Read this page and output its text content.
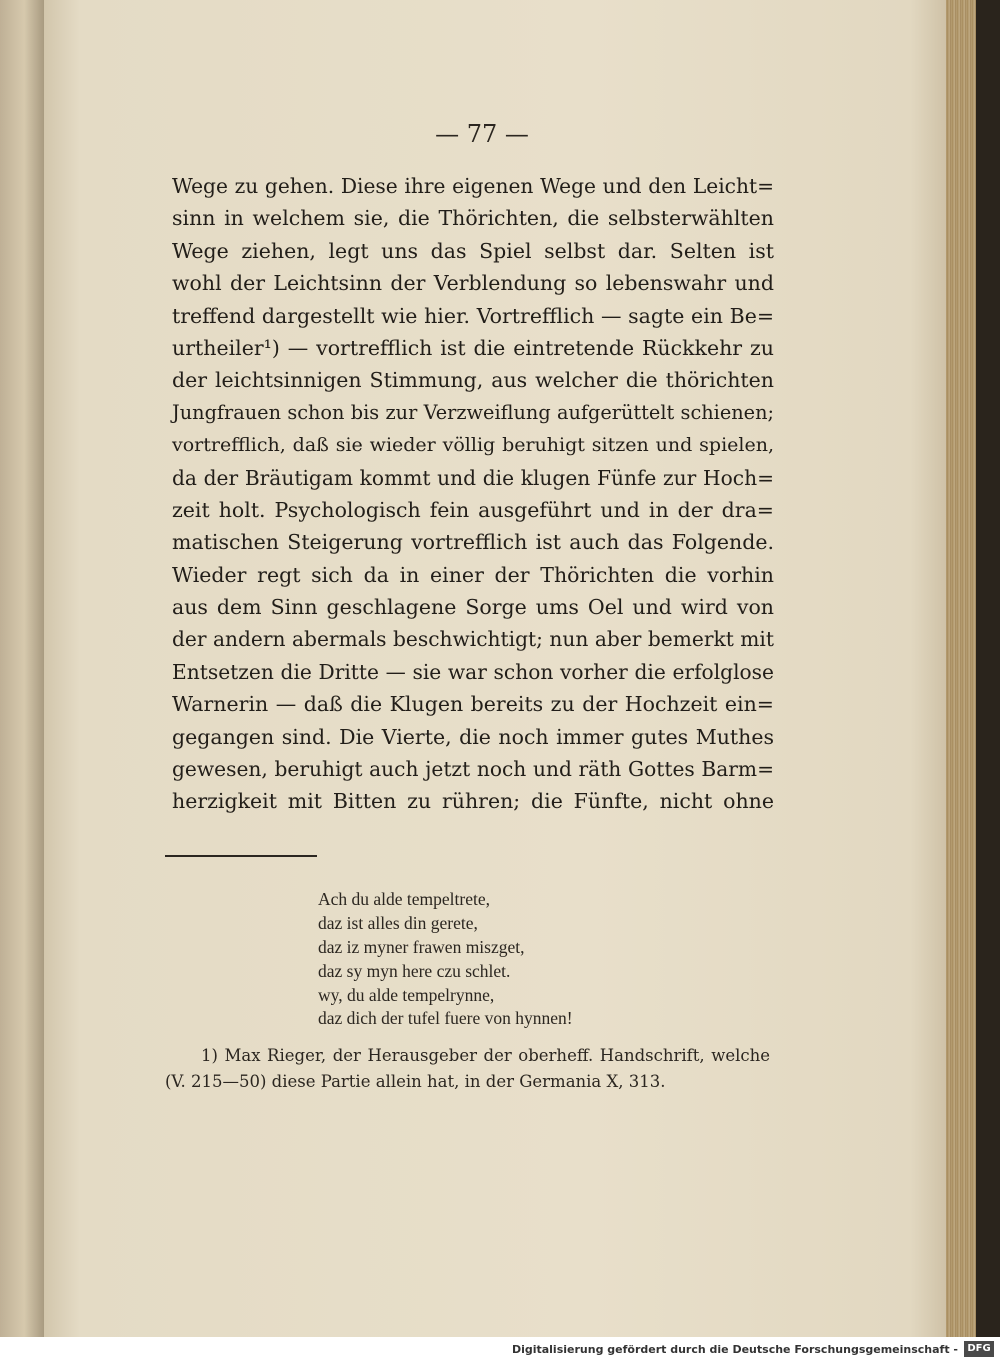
— 77 —
Wege zu gehen. Diese ihre eigenen Wege und den Leicht=
sinn in welchem sie, die Thörichten, die selbsterwählten
Wege ziehen, legt uns das Spiel selbst dar. Selten ist
wohl der Leichtsinn der Verblendung so lebenswahr und
treffend dargestellt wie hier. Vortrefflich — sagte ein Be=
urtheiler¹) — vortrefflich ist die eintretende Rückkehr zu
der leichtsinnigen Stimmung, aus welcher die thörichten
Jungfrauen schon bis zur Verzweiflung aufgerüttelt schienen;
vortrefflich, daß sie wieder völlig beruhigt sitzen und spielen,
da der Bräutigam kommt und die klugen Fünfe zur Hoch=
zeit holt. Psychologisch fein ausgeführt und in der dra=
matischen Steigerung vortrefflich ist auch das Folgende.
Wieder regt sich da in einer der Thörichten die vorhin
aus dem Sinn geschlagene Sorge ums Oel und wird von
der andern abermals beschwichtigt; nun aber bemerkt mit
Entsetzen die Dritte — sie war schon vorher die erfolglose
Warnerin — daß die Klugen bereits zu der Hochzeit ein=
gegangen sind. Die Vierte, die noch immer gutes Muthes
gewesen, beruhigt auch jetzt noch und räth Gottes Barm=
herzigkeit mit Bitten zu rühren; die Fünfte, nicht ohne
Ach du alde tempeltrete,
daz ist alles din gerete,
daz iz myner frawen miszget,
daz sy myn here czu schlet.
wy, du alde tempelrynne,
daz dich der tufel fuere von hynnen!
1) Max Rieger, der Herausgeber der oberheff. Handschrift, welche
(V. 215—50) diese Partie allein hat, in der Germania X, 313.
Digitalisierung gefördert durch die Deutsche Forschungsgemeinschaft - DFG
